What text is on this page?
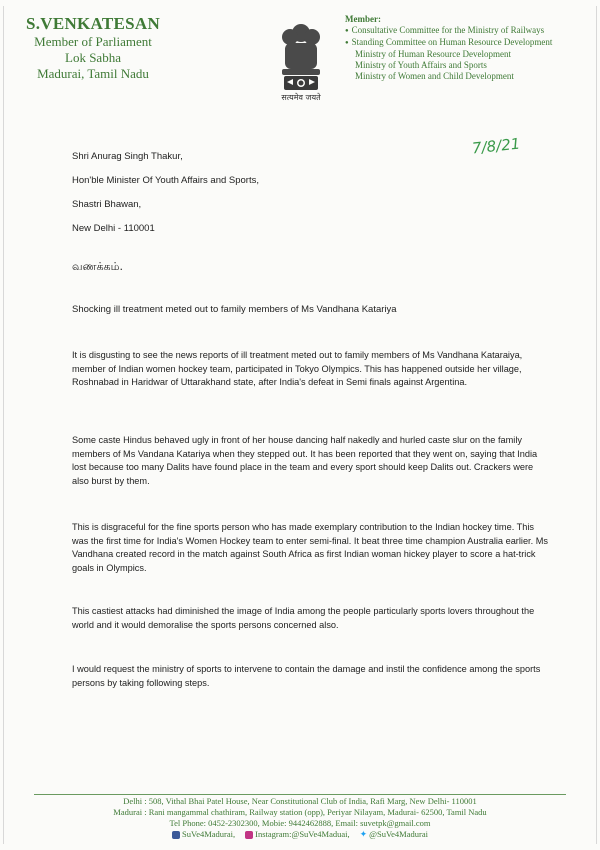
S.VENKATESAN
Member of Parliament
Lok Sabha
Madurai, Tamil Nadu
सत्यमेव जयते
Member:
● Consultative Committee for the Ministry of Railways
● Standing Committee on Human Resource Development
Ministry of Human Resource Development
Ministry of Youth Affairs and Sports
Ministry of Women and Child Development
7/8/21
Shri Anurag Singh Thakur,
Hon'ble Minister Of Youth Affairs and Sports,
Shastri Bhawan,
New Delhi - 110001
வணக்கம்.
Shocking ill treatment meted out to family members of Ms Vandhana Katariya
It is disgusting to see the news reports of ill treatment meted out to family members of Ms Vandhana Kataraiya, member of Indian women hockey team, participated in Tokyo Olympics. This has happened outside her village, Roshnabad in Haridwar of Uttarakhand state, after India's defeat in Semi finals against Argentina.
Some caste Hindus behaved ugly in front of her house dancing half nakedly and hurled caste slur on the family members of Ms Vandana Katariya when they stepped out. It has been reported that they went on, saying that India lost because too many Dalits have found place in the team and every sport should keep Dalits out. Crackers were also burst by them.
This is disgraceful for the fine sports person who has made exemplary contribution to the Indian hockey time. This was the first time for India's Women Hockey team to enter semi-final. It beat three time champion Australia earlier. Ms Vandhana created record in the match against South Africa as first Indian woman hickey player to score a hat-trick goals in Olympics.
This castiest attacks had diminished the image of India among the people particularly sports lovers throughout the world and it would demoralise the sports persons concerned also.
I would request the ministry of sports to intervene to contain the damage and instil the confidence among the sports persons by taking following steps.
Delhi : 508, Vithal Bhai Patel House, Near Constitutional Club of India, Rafi Marg, New Delhi- 110001
Madurai : Rani mangammal chathiram, Railway station (opp), Periyar Nilayam, Madurai- 62500, Tamil Nadu
Tel Phone: 0452-2302300, Mobie: 9442462888, Email: suvetpk@gmail.com
SuVe4Madurai, Instagram:@SuVe4Maduai, ✦ @SuVe4Madurai
